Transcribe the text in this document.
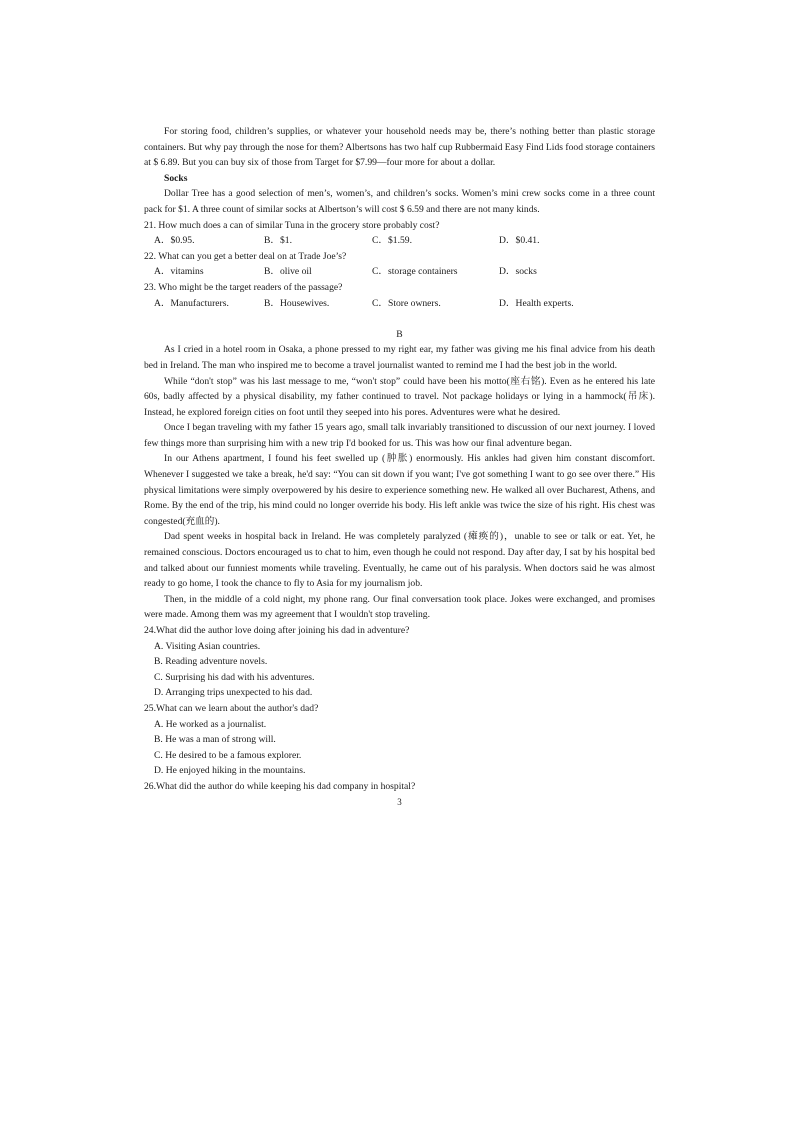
For storing food, children’s supplies, or whatever your household needs may be, there’s nothing better than plastic storage containers. But why pay through the nose for them? Albertsons has two half cup Rubbermaid Easy Find Lids food storage containers at $ 6.89. But you can buy six of those from Target for $7.99—four more for about a dollar.

Socks

Dollar Tree has a good selection of men’s, women’s, and children’s socks. Women’s mini crew socks come in a three count pack for $1. A three count of similar socks at Albertson’s will cost $ 6.59 and there are not many kinds.

21. How much does a can of similar Tuna in the grocery store probably cost?

A．$0.95.	B．$1.	C．$1.59.	D．$0.41.

22. What can you get a better deal on at Trade Joe’s?

A．vitamins	B．olive oil	C．storage containers	D．socks

23. Who might be the target readers of the passage?

A．Manufacturers.	B．Housewives.	C．Store owners.	D．Health experts.

B

As I cried in a hotel room in Osaka, a phone pressed to my right ear, my father was giving me his final advice from his death bed in Ireland. The man who inspired me to become a travel journalist wanted to remind me I had the best job in the world.

While “don't stop” was his last message to me, “won't stop” could have been his motto(座右铭). Even as he entered his late 60s, badly affected by a physical disability, my father continued to travel. Not package holidays or lying in a hammock(吊床). Instead, he explored foreign cities on foot until they seeped into his pores. Adventures were what he desired.

Once I began traveling with my father 15 years ago, small talk invariably transitioned to discussion of our next journey. I loved few things more than surprising him with a new trip I'd booked for us. This was how our final adventure began.

In our Athens apartment, I found his feet swelled up (肿胀) enormously. His ankles had given him constant discomfort. Whenever I suggested we take a break, he'd say: “You can sit down if you want; I've got something I want to go see over there.” His physical limitations were simply overpowered by his desire to experience something new. He walked all over Bucharest, Athens, and Rome. By the end of the trip, his mind could no longer override his body. His left ankle was twice the size of his right. His chest was congested(充血的).

Dad spent weeks in hospital back in Ireland. He was completely paralyzed (瘫痪的)，unable to see or talk or eat. Yet, he remained conscious. Doctors encouraged us to chat to him, even though he could not respond. Day after day, I sat by his hospital bed and talked about our funniest moments while traveling. Eventually, he came out of his paralysis. When doctors said he was almost ready to go home, I took the chance to fly to Asia for my journalism job.

Then, in the middle of a cold night, my phone rang. Our final conversation took place. Jokes were exchanged, and promises were made. Among them was my agreement that I wouldn't stop traveling.

24.What did the author love doing after joining his dad in adventure?

A. Visiting Asian countries.

B. Reading adventure novels.

C. Surprising his dad with his adventures.

D. Arranging trips unexpected to his dad.

25.What can we learn about the author's dad?

A. He worked as a journalist.

B. He was a man of strong will.

C. He desired to be a famous explorer.

D. He enjoyed hiking in the mountains.

26.What did the author do while keeping his dad company in hospital?

3
